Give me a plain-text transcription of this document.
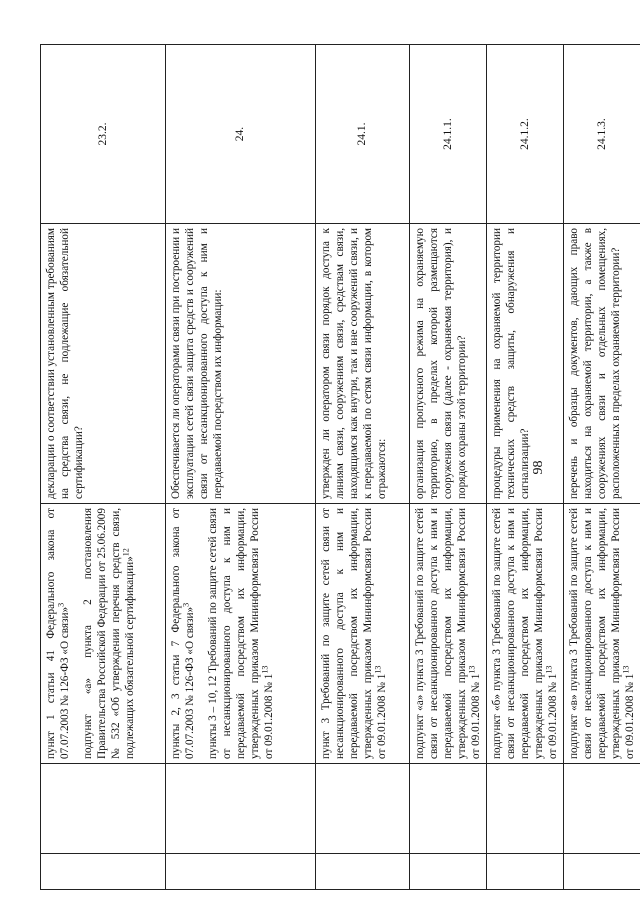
		пункт 1 статьи 41 Федерального закона от 07.07.2003 № 126-ФЗ «О связи»$^3$ подпункт «а» пункта 2 постановления Правительства Российской Федерации от 25.06.2009 № 532 «Об утверждении перечня средств связи, подлежащих обязательной сертификации»$^{12}$	декларации о соответствии установленным требованиям на средства связи, не подлежащие обязательной сертификации?	23.2.

		пункты 2, 3 статьи 7 Федерального закона от 07.07.2003 № 126-ФЗ «О связи»$^3$ пункты 3 – 10, 12 Требований по защите сетей связи от несанкционированного доступа к ним и передаваемой посредством их информации, утвержденных приказом Мининформсвязи России от 09.01.2008 № $1^{13}$	Обеспечивается ли операторами связи при построении и эксплуатации сетей связи защита средств и сооружений связи от несанкционированного доступа к ним и передаваемой посредством их информации:	24.

		пункт 3 Требований по защите сетей связи от несанкционированного доступа к ним и передаваемой посредством их информации, утвержденных приказом Мининформсвязи России от 09.01.2008 № $1^{13}$	утвержден ли оператором связи порядок доступа к линиям связи, сооружениям связи, средствам связи, находящимся как внутри, так и вне сооружений связи, и к передаваемой по сетям связи информации, в котором отражаются:	24.1.

		подпункт «а» пункта 3 Требований по защите сетей связи от несанкционированного доступа к ним и передаваемой посредством их информации, утвержденных приказом Мининформсвязи России от 09.01.2008 № $1^{13}$	организация пропускного режима на охраняемую территорию, в пределах которой размещаются сооружения связи (далее - охраняемая территория), и порядок охраны этой территории?	24.1.1.

		подпункт «б» пункта 3 Требований по защите сетей связи от несанкционированного доступа к ним и передаваемой посредством их информации, утвержденных приказом Мининформсвязи России от 09.01.2008 № $1^{13}$	процедуры применения на охраняемой территории технических средств защиты, обнаружения и сигнализации?	24.1.2.

		подпункт «в» пункта 3 Требований по защите сетей связи от несанкционированного доступа к ним и передаваемой посредством их информации, утвержденных приказом Мининформсвязи России от 09.01.2008 № $1^{13}$	перечень и образцы документов, дающих право находиться на охраняемой территории, а также в сооружениях связи и отдельных помещениях, расположенных в пределах охраняемой территории?	24.1.3.
98
